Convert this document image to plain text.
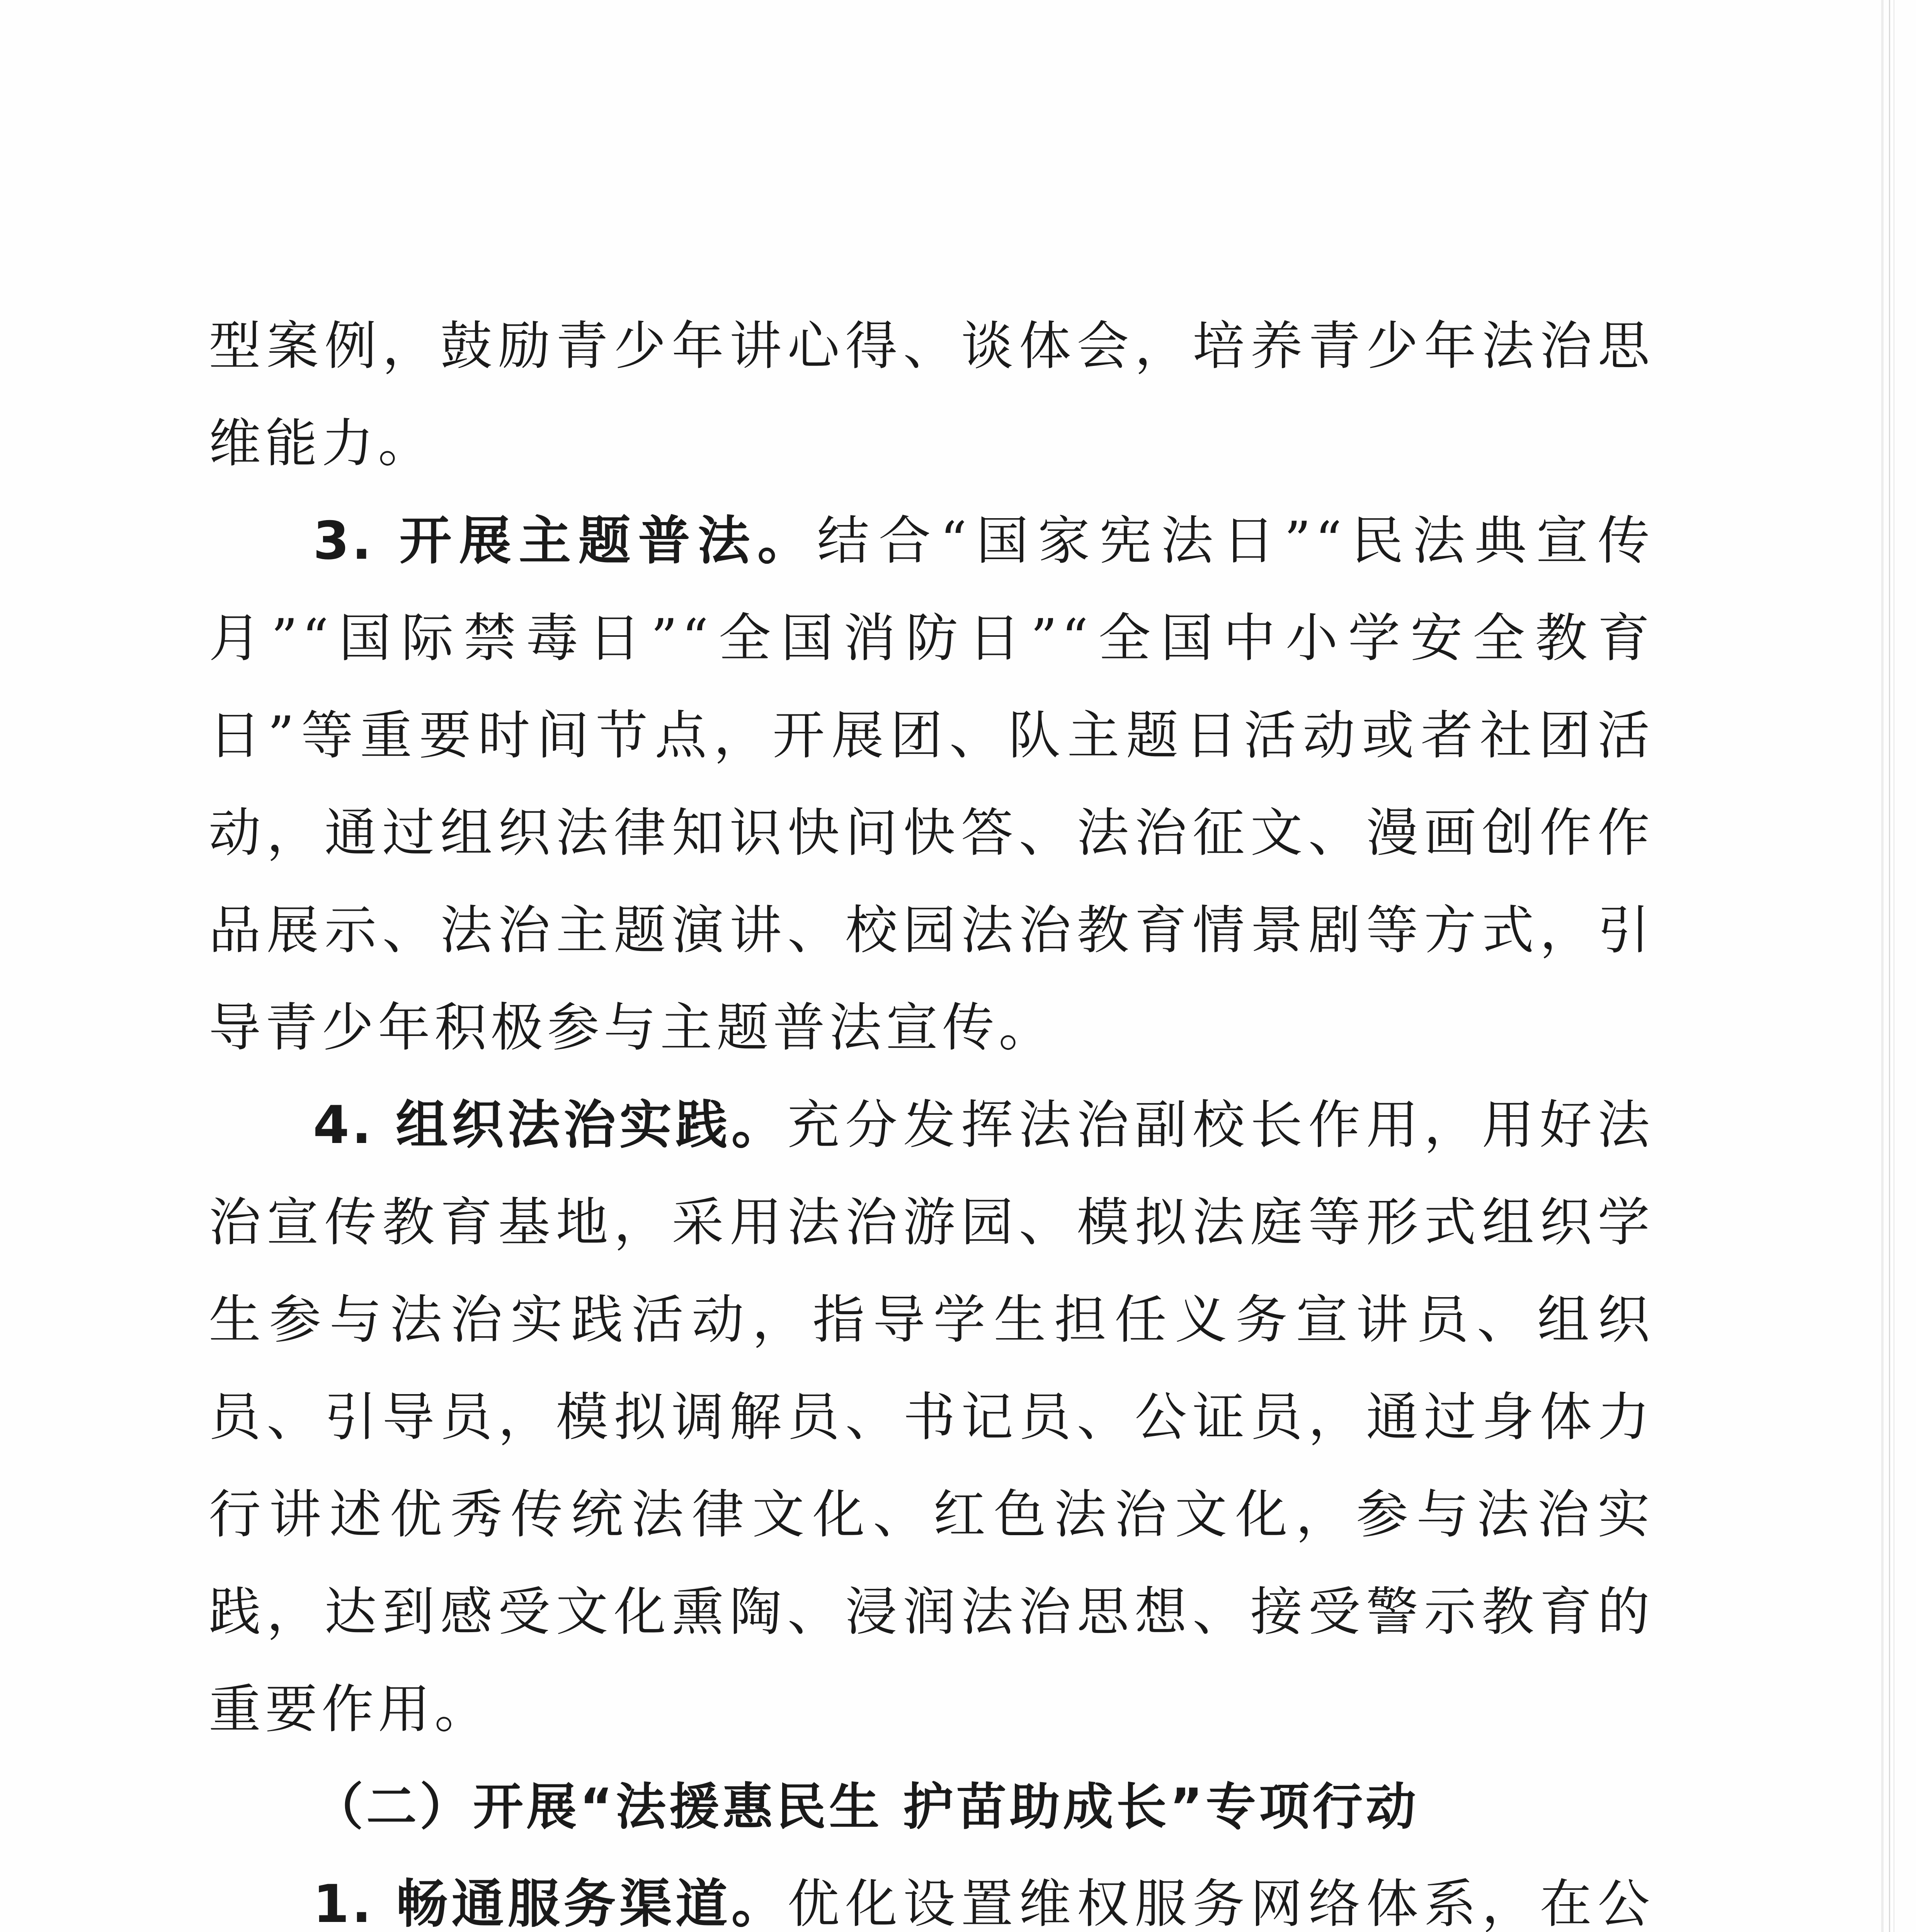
型案例，鼓励青少年讲心得、谈体会，培养青少年法治思维能力。

3. 开展主题普法。结合“国家宪法日”“民法典宣传月”“国际禁毒日”“全国消防日”“全国中小学安全教育日”等重要时间节点，开展团、队主题日活动或者社团活动，通过组织法律知识快问快答、法治征文、漫画创作作品展示、法治主题演讲、校园法治教育情景剧等方式，引导青少年积极参与主题普法宣传。

4. 组织法治实践。充分发挥法治副校长作用，用好法治宣传教育基地，采用法治游园、模拟法庭等形式组织学生参与法治实践活动，指导学生担任义务宣讲员、组织员、引导员，模拟调解员、书记员、公证员，通过身体力行讲述优秀传统法律文化、红色法治文化，参与法治实践，达到感受文化熏陶、浸润法治思想、接受警示教育的重要作用。

（二）开展“法援惠民生 护苗助成长”专项行动

1. 畅通服务渠道。优化设置维权服务网络体系，在公
